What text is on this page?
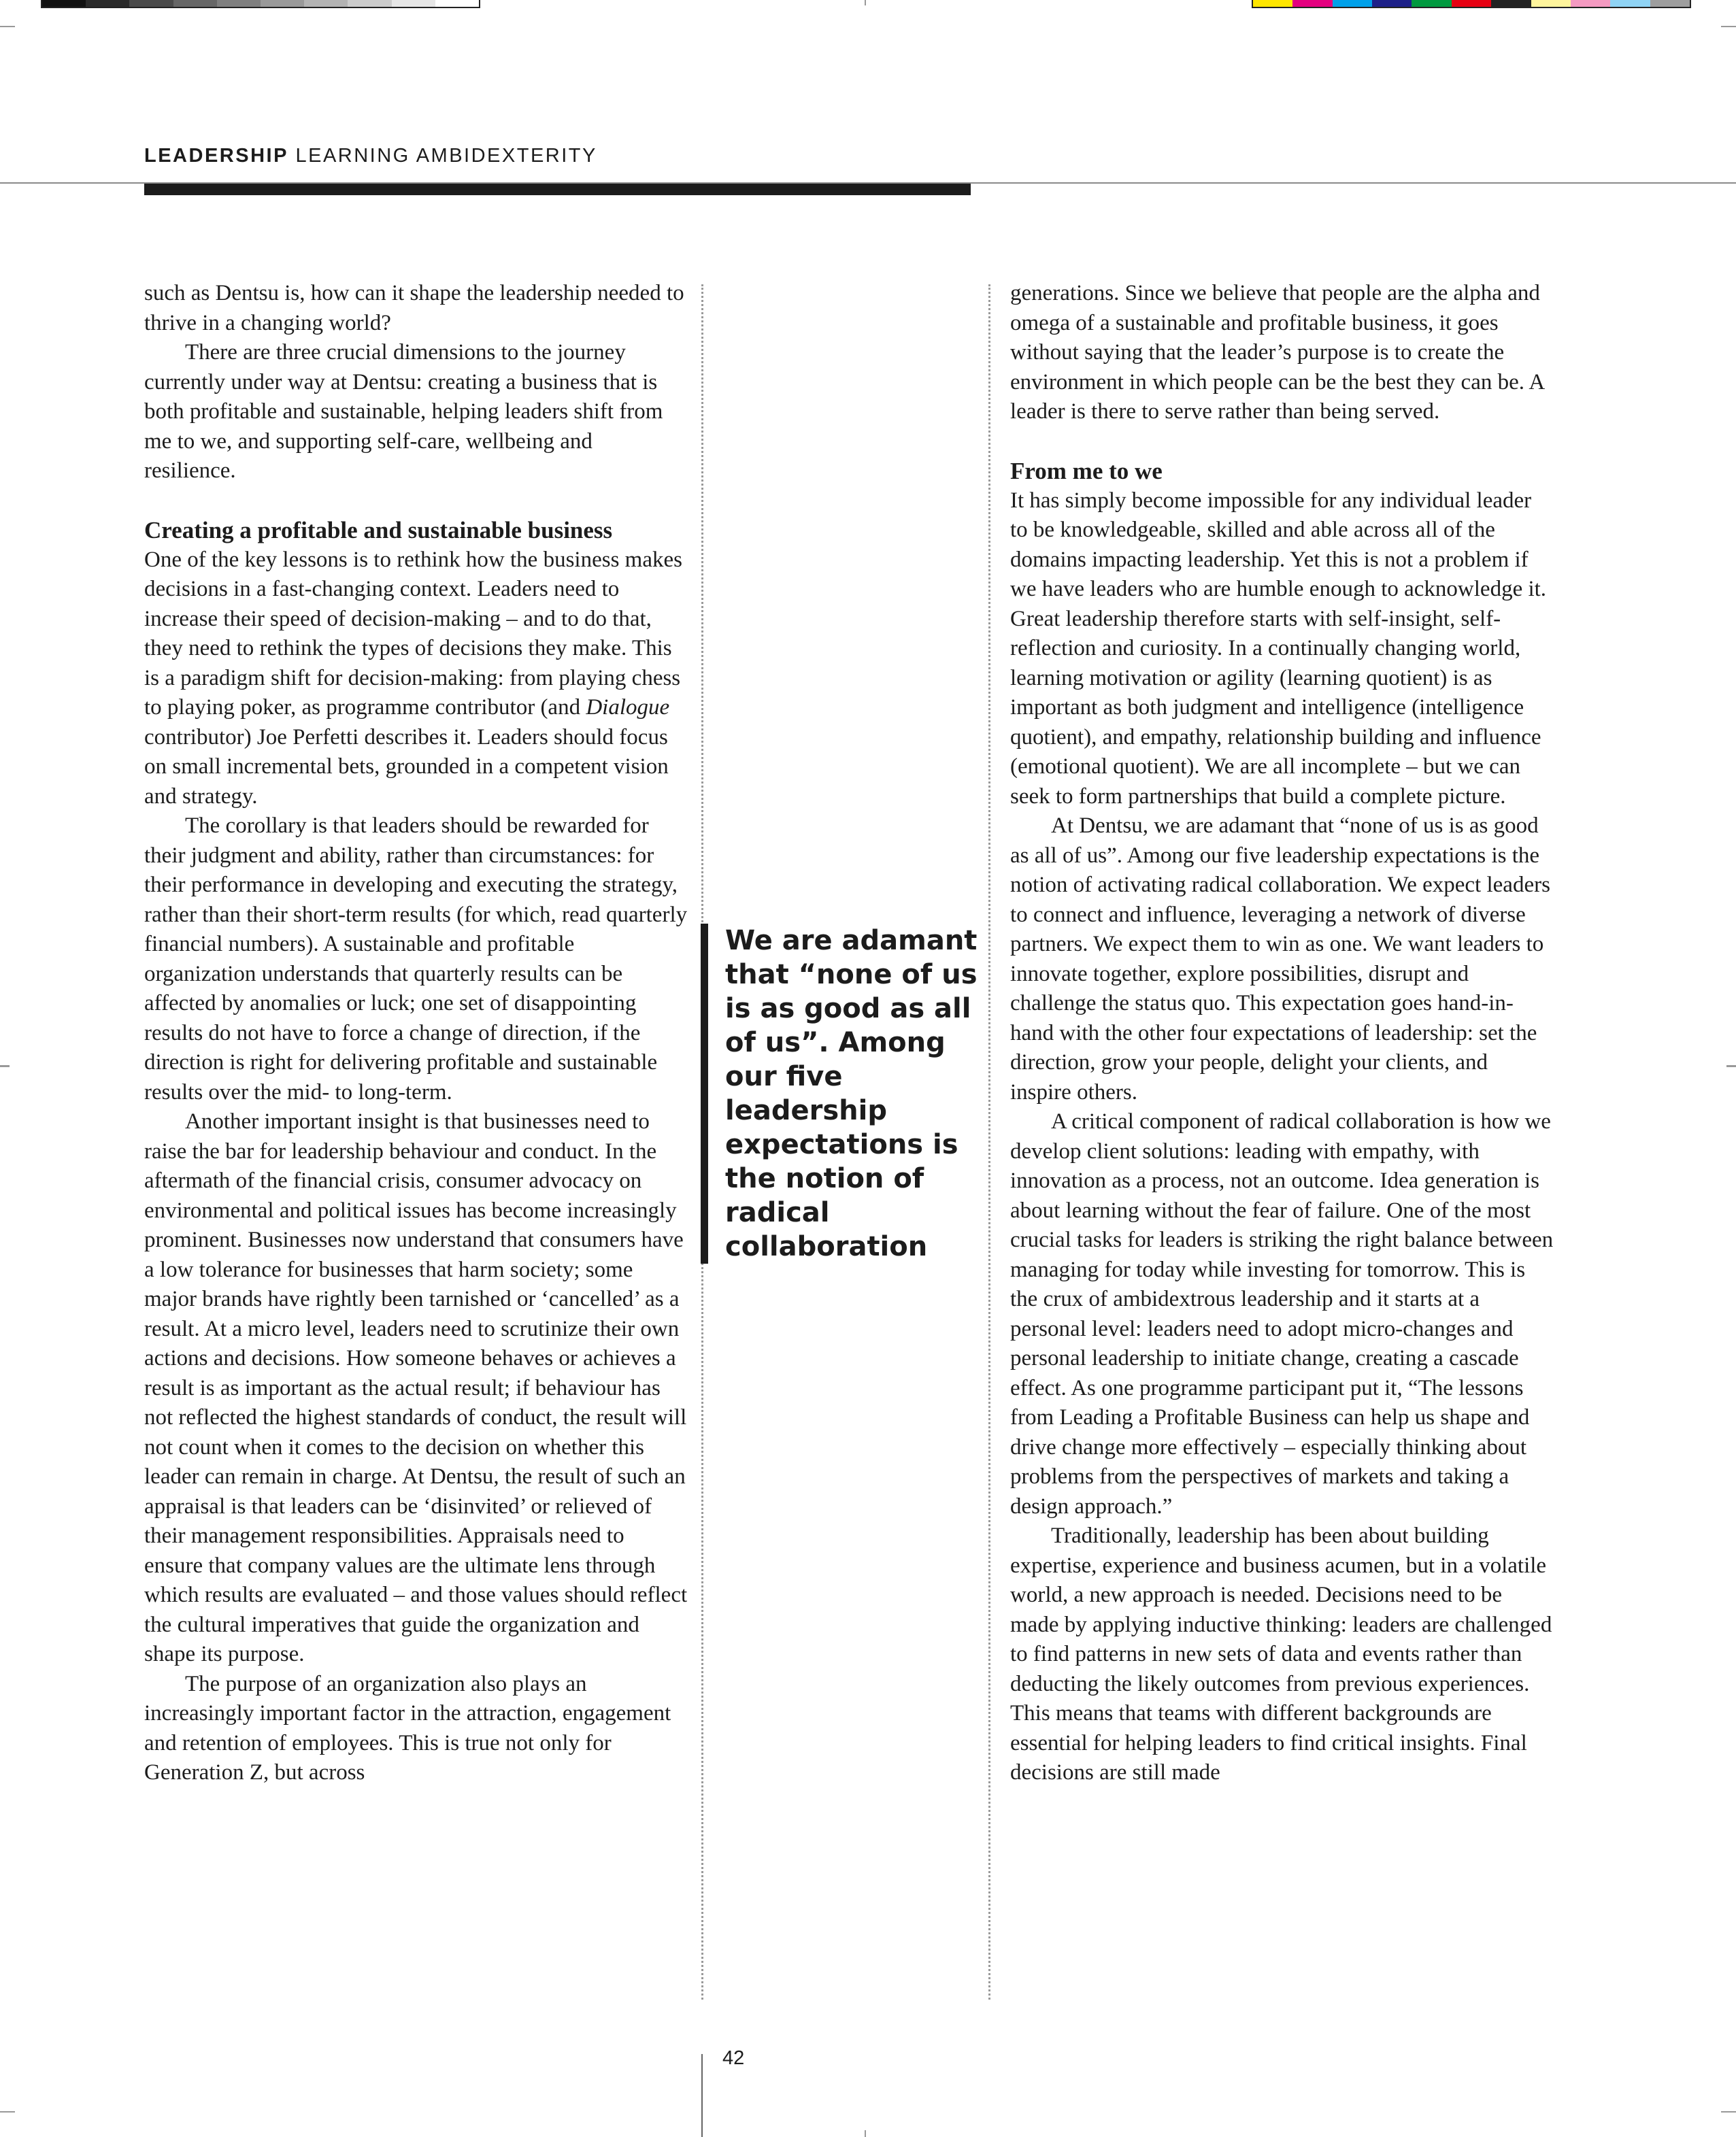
LEADERSHIP LEARNING AMBIDEXTERITY

such as Dentsu is, how can it shape the leadership needed to thrive in a changing world?

There are three crucial dimensions to the journey currently under way at Dentsu: creating a business that is both profitable and sustainable, helping leaders shift from me to we, and supporting self-care, wellbeing and resilience.

Creating a profitable and sustainable business

One of the key lessons is to rethink how the business makes decisions in a fast-changing context. Leaders need to increase their speed of decision-making – and to do that, they need to rethink the types of decisions they make. This is a paradigm shift for decision-making: from playing chess to playing poker, as programme contributor (and Dialogue contributor) Joe Perfetti describes it. Leaders should focus on small incremental bets, grounded in a competent vision and strategy.

The corollary is that leaders should be rewarded for their judgment and ability, rather than circumstances: for their performance in developing and executing the strategy, rather than their short-term results (for which, read quarterly financial numbers). A sustainable and profitable organization understands that quarterly results can be affected by anomalies or luck; one set of disappointing results do not have to force a change of direction, if the direction is right for delivering profitable and sustainable results over the mid- to long-term.

Another important insight is that businesses need to raise the bar for leadership behaviour and conduct. In the aftermath of the financial crisis, consumer advocacy on environmental and political issues has become increasingly prominent. Businesses now understand that consumers have a low tolerance for businesses that harm society; some major brands have rightly been tarnished or ‘cancelled’ as a result. At a micro level, leaders need to scrutinize their own actions and decisions. How someone behaves or achieves a result is as important as the actual result; if behaviour has not reflected the highest standards of conduct, the result will not count when it comes to the decision on whether this leader can remain in charge. At Dentsu, the result of such an appraisal is that leaders can be ‘disinvited’ or relieved of their management responsibilities. Appraisals need to ensure that company values are the ultimate lens through which results are evaluated – and those values should reflect the cultural imperatives that guide the organization and shape its purpose.

The purpose of an organization also plays an increasingly important factor in the attraction, engagement and retention of employees. This is true not only for Generation Z, but across

We are adamant that “none of us is as good as all of us”. Among our five leadership expectations is the notion of radical collaboration

generations. Since we believe that people are the alpha and omega of a sustainable and profitable business, it goes without saying that the leader’s purpose is to create the environment in which people can be the best they can be. A leader is there to serve rather than being served.

From me to we

It has simply become impossible for any individual leader to be knowledgeable, skilled and able across all of the domains impacting leadership. Yet this is not a problem if we have leaders who are humble enough to acknowledge it. Great leadership therefore starts with self-insight, self-reflection and curiosity. In a continually changing world, learning motivation or agility (learning quotient) is as important as both judgment and intelligence (intelligence quotient), and empathy, relationship building and influence (emotional quotient). We are all incomplete – but we can seek to form partnerships that build a complete picture.

At Dentsu, we are adamant that “none of us is as good as all of us”. Among our five leadership expectations is the notion of activating radical collaboration. We expect leaders to connect and influence, leveraging a network of diverse partners. We expect them to win as one. We want leaders to innovate together, explore possibilities, disrupt and challenge the status quo. This expectation goes hand-in-hand with the other four expectations of leadership: set the direction, grow your people, delight your clients, and inspire others.

A critical component of radical collaboration is how we develop client solutions: leading with empathy, with innovation as a process, not an outcome. Idea generation is about learning without the fear of failure. One of the most crucial tasks for leaders is striking the right balance between managing for today while investing for tomorrow. This is the crux of ambidextrous leadership and it starts at a personal level: leaders need to adopt micro-changes and personal leadership to initiate change, creating a cascade effect. As one programme participant put it, “The lessons from Leading a Profitable Business can help us shape and drive change more effectively – especially thinking about problems from the perspectives of markets and taking a design approach.”

Traditionally, leadership has been about building expertise, experience and business acumen, but in a volatile world, a new approach is needed. Decisions need to be made by applying inductive thinking: leaders are challenged to find patterns in new sets of data and events rather than deducting the likely outcomes from previous experiences. This means that teams with different backgrounds are essential for helping leaders to find critical insights. Final decisions are still made

42
